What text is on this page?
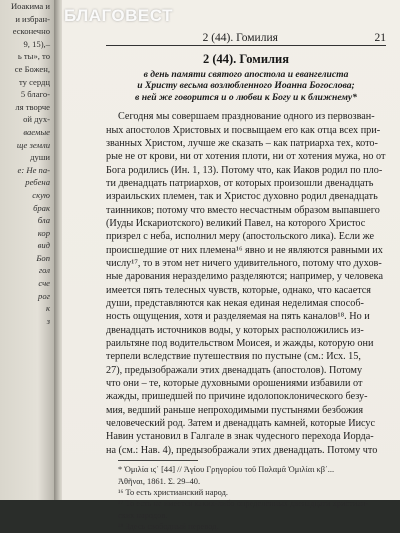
Иоакима и
и избран-
есконечно
9, 15),–
ь ты», то
се Божен,
ту сердц
5 благо-
ля творче
ой дух-
ваемые
ще земли
души
е: Не па-
ребена
скую
брак
бла
кор
вид
Боп
гол
сче
рог
к
з
БЛАГОВЕСТ
2 (44). Гомилия	21
2 (44). Гомилия
в день памяти святого апостола и евангелиста
и Христу весьма возлюбленного Иоанна Богослова;
в ней же говорится и о любви к Богу и к ближнему*
Сегодня мы совершаем празднование одного из первозван-
ных апостолов Христовых и посвыщаем его как отца всех при-
званных Христом, лучше же сказать – как патриарха тех, кото-
рые не от крови, ни от хотения плоти, ни от хотения мужа, но от
Бога родились (Ин. 1, 13). Потому что, как Иаков родил по пло-
ти двенадцать патриархов, от которых произошли двенадцать
израильских племен, так и Христос духовно родил двенадцать
таинников; потому что вместо несчастным образом выпавшего
(Иуды Искариотского) великий Павел, на которого Христос
призрел с неба, исполнил меру (апостольского лика). Если же
происшедшие от них племена¹⁶ явно и не являются равными их
числу¹⁷, то в этом нет ничего удивительного, потому что духов-
ные дарования неразделимо разделяются; например, у человека
имеется пять телесных чувств, которые, однако, что касается
души, представляются как некая единая неделимая способ-
ность ощущения, хотя и разделяемая на пять каналов¹⁸. Но и
двенадцать источников воды, у которых расположились из-
раильтяне под водительством Моисея, и жажды, которую они
терпели вследствие путешествия по пустыне (см.: Исх. 15,
27), предызображали этих двенадцать (апостолов). Потому
что они – те, которые духовными орошениями избавили от
жажды, пришедшей по причине идолопоклонического безу-
мия, ведший раньше непроходимыми пустынями безбожия
человеческий род. Затем и двенадцать камней, которые Иисус
Навин установил в Галгале в знак чудесного перехода Иорда-
на (см.: Нав. 4), предызображали этих двенадцать. Потому что
* Ὁμιλία ιϛ΄ [44] // Ἁγίου Γρηγορίου τοῦ Παλαμᾶ Ὁμιλίαι κβ΄...
Ἀθῆναι, 1861. Σ. 29–40.
¹⁶ То есть христианский народ.
¹⁷ То есть не имеется каких-либо определенных двенадцати христиан-
ских народов.
¹⁸ Здесь свободный перевод.
